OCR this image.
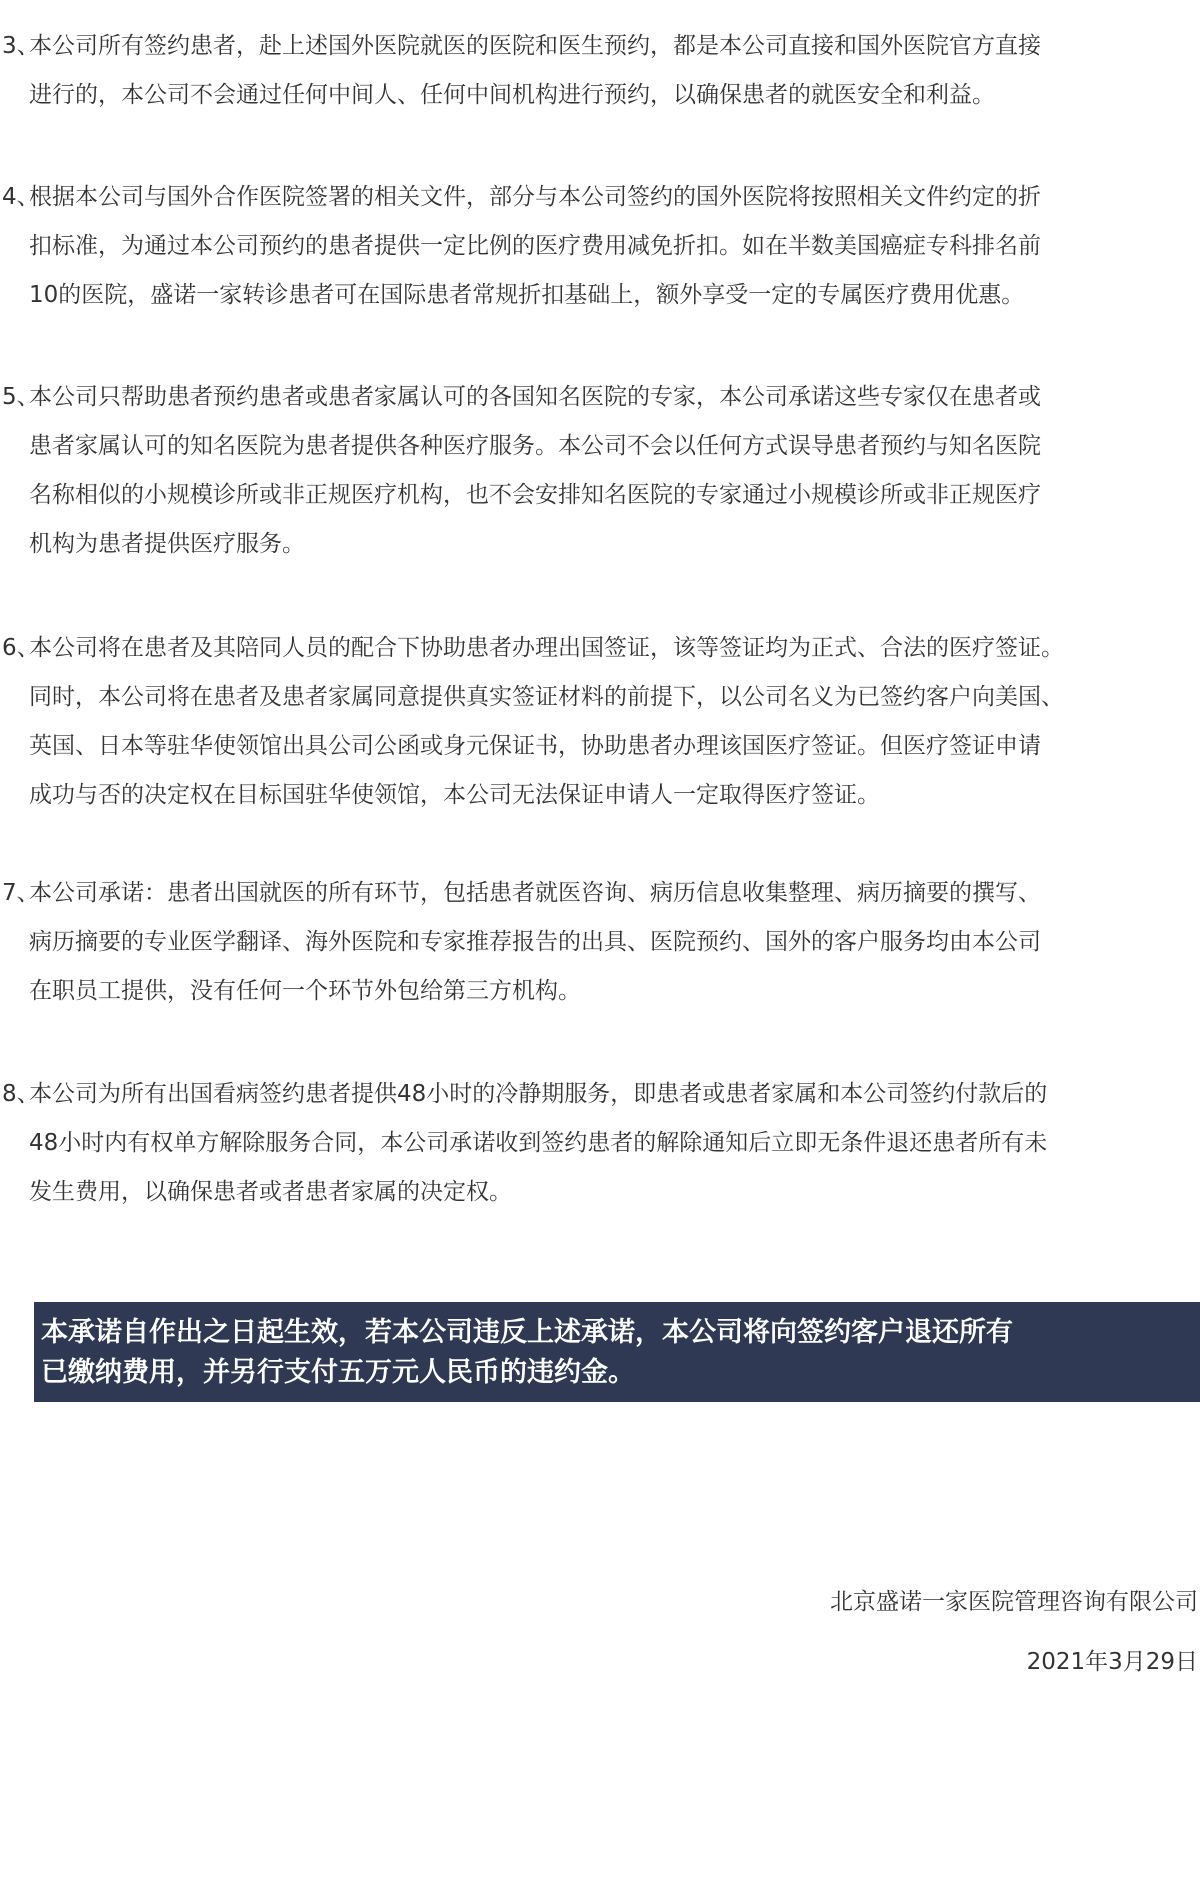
3、
本公司所有签约患者，赴上述国外医院就医的医院和医生预约，都是本公司直接和国外医院官方直接
进行的，本公司不会通过任何中间人、任何中间机构进行预约，以确保患者的就医安全和利益。
4、
根据本公司与国外合作医院签署的相关文件，部分与本公司签约的国外医院将按照相关文件约定的折
扣标准，为通过本公司预约的患者提供一定比例的医疗费用减免折扣。如在半数美国癌症专科排名前
10的医院，盛诺一家转诊患者可在国际患者常规折扣基础上，额外享受一定的专属医疗费用优惠。
5、
本公司只帮助患者预约患者或患者家属认可的各国知名医院的专家，本公司承诺这些专家仅在患者或
患者家属认可的知名医院为患者提供各种医疗服务。本公司不会以任何方式误导患者预约与知名医院
名称相似的小规模诊所或非正规医疗机构，也不会安排知名医院的专家通过小规模诊所或非正规医疗
机构为患者提供医疗服务。
6、
本公司将在患者及其陪同人员的配合下协助患者办理出国签证，该等签证均为正式、合法的医疗签证。
同时，本公司将在患者及患者家属同意提供真实签证材料的前提下，以公司名义为已签约客户向美国、
英国、日本等驻华使领馆出具公司公函或身元保证书，协助患者办理该国医疗签证。但医疗签证申请
成功与否的决定权在目标国驻华使领馆，本公司无法保证申请人一定取得医疗签证。
7、
本公司承诺：患者出国就医的所有环节，包括患者就医咨询、病历信息收集整理、病历摘要的撰写、
病历摘要的专业医学翻译、海外医院和专家推荐报告的出具、医院预约、国外的客户服务均由本公司
在职员工提供，没有任何一个环节外包给第三方机构。
8、
本公司为所有出国看病签约患者提供48小时的冷静期服务，即患者或患者家属和本公司签约付款后的
48小时内有权单方解除服务合同，本公司承诺收到签约患者的解除通知后立即无条件退还患者所有未
发生费用，以确保患者或者患者家属的决定权。
本承诺自作出之日起生效，若本公司违反上述承诺，本公司将向签约客户退还所有
已缴纳费用，并另行支付五万元人民币的违约金。
北京盛诺一家医院管理咨询有限公司
2021年3月29日
